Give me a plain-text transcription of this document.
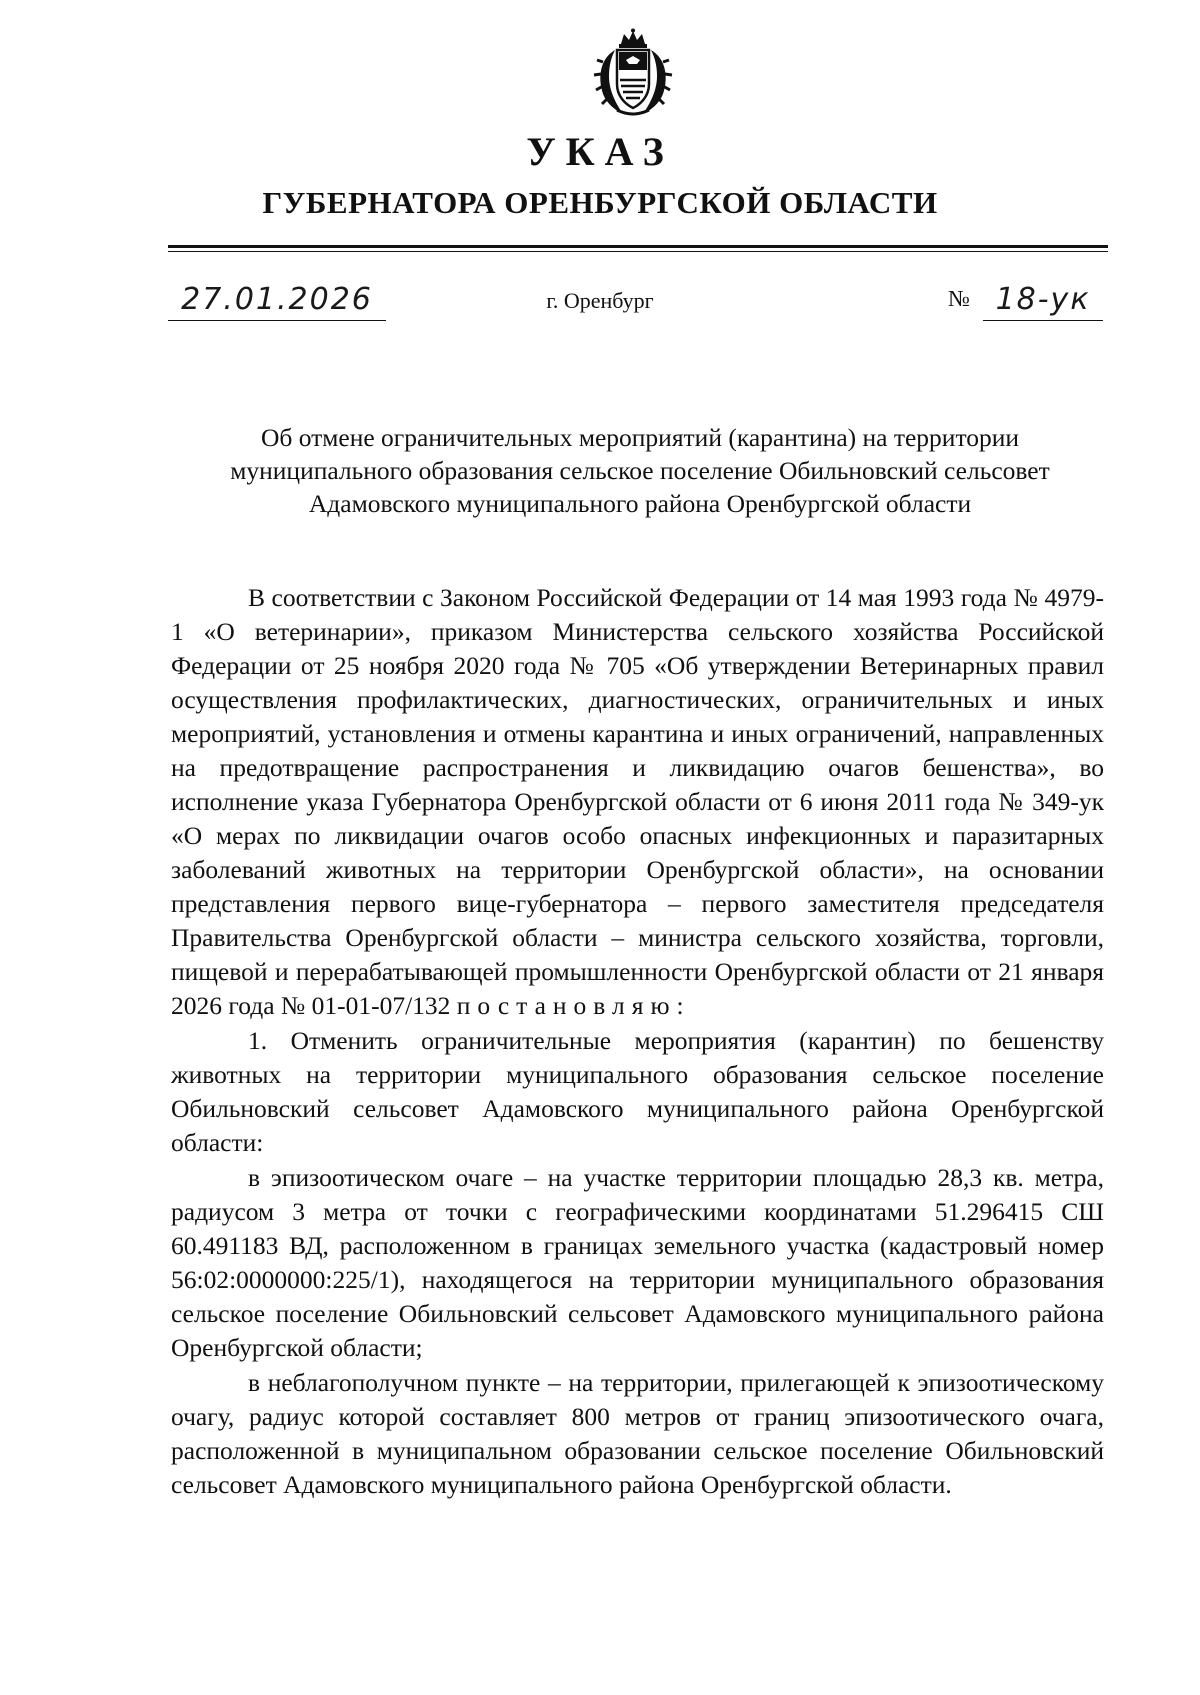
УКАЗ
ГУБЕРНАТОРА ОРЕНБУРГСКОЙ ОБЛАСТИ
27.01.2026	г. Оренбург	№ 18-ук
Об отмене ограничительных мероприятий (карантина) на территории
муниципального образования сельское поселение Обильновский сельсовет
Адамовского муниципального района Оренбургской области

В соответствии с Законом Российской Федерации от 14 мая 1993 года № 4979-1 «О ветеринарии», приказом Министерства сельского хозяйства Российской Федерации от 25 ноября 2020 года № 705 «Об утверждении Ветеринарных правил осуществления профилактических, диагностических, ограничительных и иных мероприятий, установления и отмены карантина и иных ограничений, направленных на предотвращение распространения и ликвидацию очагов бешенства», во исполнение указа Губернатора Оренбургской области от 6 июня 2011 года № 349-ук «О мерах по ликвидации очагов особо опасных инфекционных и паразитарных заболеваний животных на территории Оренбургской области», на основании представления первого вице-губернатора – первого заместителя председателя Правительства Оренбургской области – министра сельского хозяйства, торговли, пищевой и перерабатывающей промышленности Оренбургской области от 21 января 2026 года № 01-01-07/132 постановляю:

1. Отменить ограничительные мероприятия (карантин) по бешенству животных на территории муниципального образования сельское поселение Обильновский сельсовет Адамовского муниципального района Оренбургской области:

в эпизоотическом очаге – на участке территории площадью 28,3 кв. метра, радиусом 3 метра от точки с географическими координатами 51.296415 СШ 60.491183 ВД, расположенном в границах земельного участка (кадастровый номер 56:02:0000000:225/1), находящегося на территории муниципального образования сельское поселение Обильновский сельсовет Адамовского муниципального района Оренбургской области;

в неблагополучном пункте – на территории, прилегающей к эпизоотическому очагу, радиус которой составляет 800 метров от границ эпизоотического очага, расположенной в муниципальном образовании сельское поселение Обильновский сельсовет Адамовского муниципального района Оренбургской области.
